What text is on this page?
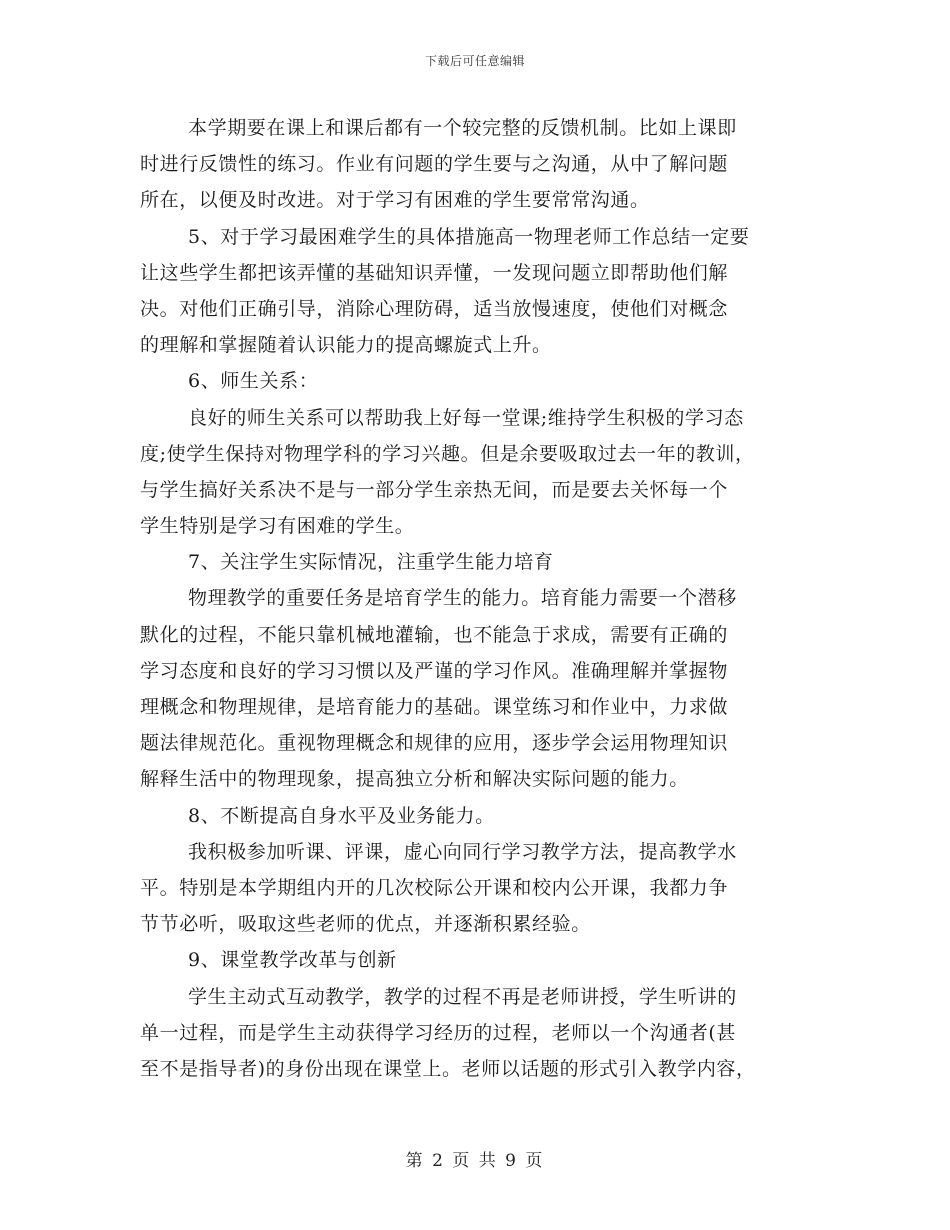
下载后可任意编辑
本学期要在课上和课后都有一个较完整的反馈机制。比如上课即
时进行反馈性的练习。作业有问题的学生要与之沟通，从中了解问题
所在，以便及时改进。对于学习有困难的学生要常常沟通。
5、对于学习最困难学生的具体措施高一物理老师工作总结一定要
让这些学生都把该弄懂的基础知识弄懂，一发现问题立即帮助他们解
决。对他们正确引导，消除心理防碍，适当放慢速度，使他们对概念
的理解和掌握随着认识能力的提高螺旋式上升。
6、师生关系：
良好的师生关系可以帮助我上好每一堂课;维持学生积极的学习态
度;使学生保持对物理学科的学习兴趣。但是余要吸取过去一年的教训，
与学生搞好关系决不是与一部分学生亲热无间，而是要去关怀每一个
学生特别是学习有困难的学生。
7、关注学生实际情况，注重学生能力培育
物理教学的重要任务是培育学生的能力。培育能力需要一个潜移
默化的过程，不能只靠机械地灌输，也不能急于求成，需要有正确的
学习态度和良好的学习习惯以及严谨的学习作风。准确理解并掌握物
理概念和物理规律，是培育能力的基础。课堂练习和作业中，力求做
题法律规范化。重视物理概念和规律的应用，逐步学会运用物理知识
解释生活中的物理现象，提高独立分析和解决实际问题的能力。
8、不断提高自身水平及业务能力。
我积极参加听课、评课，虚心向同行学习教学方法，提高教学水
平。特别是本学期组内开的几次校际公开课和校内公开课，我都力争
节节必听，吸取这些老师的优点，并逐渐积累经验。
9、课堂教学改革与创新
学生主动式互动教学，教学的过程不再是老师讲授，学生听讲的
单一过程，而是学生主动获得学习经历的过程，老师以一个沟通者(甚
至不是指导者)的身份出现在课堂上。老师以话题的形式引入教学内容，
第 2 页 共 9 页
